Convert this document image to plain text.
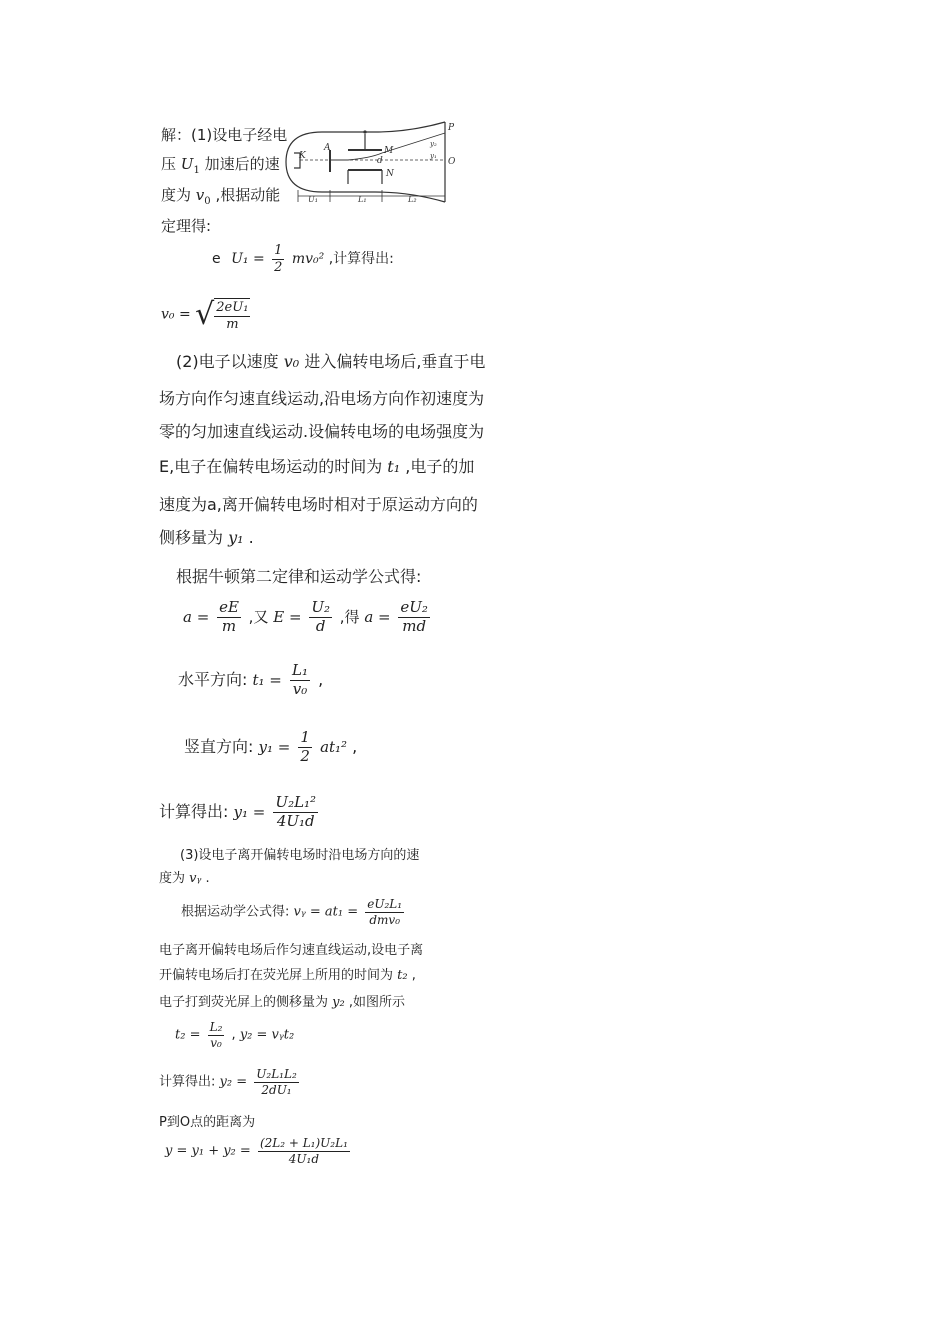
解：(1)设电子经电
压 $U_1$ 加速后的速
度为 $v_0$ ,根据动能
定理得:
K
A	M
d
N
P
O
y₂
y₁
U₁	L₁	L₂
e $U_1 = \frac{1}{2} mv_0^2$ ,计算得出:
v₀ = √ $\frac{\text{2eU₁}}{m}$
(2)电子以速度 v₀ 进入偏转电场后,垂直于电
场方向作匀速直线运动,沿电场方向作初速度为
零的匀加速直线运动.设偏转电场的电场强度为
E,电子在偏转电场运动的时间为 t₁ ,电子的加
速度为a,离开偏转电场时相对于原运动方向的
侧移量为 y₁ .
根据牛顿第二定律和运动学公式得:
$a = \frac{eE}{m}$ ,又 $E = \frac{\text{U₂}}{d}$ ,得 $a = \frac{\text{eU₂}}{md}$
水平方向: $t_1 = \frac{\text{L₁}}{\text{v₀}}$ ,
竖直方向: $y_1 = \frac{1}{2} at_1^2$ ,
计算得出: $y_1 = \frac{\text{U₂L₁²}}{\text{4U₁d}}$
(3)设电子离开偏转电场时沿电场方向的速
度为 vᵧ .
根据运动学公式得: vᵧ = $at_1 = \frac{\text{eU₂L₁}}{\text{dmv₀}}$
电子离开偏转电场后作匀速直线运动,设电子离
开偏转电场后打在荧光屏上所用的时间为 t₂ ,
电子打到荧光屏上的侧移量为 y₂ ,如图所示
$t_2 = \frac{\text{L₂}}{\text{v₀}}$ , y₂ = vᵧt₂
计算得出: $y_2 = \frac{\text{U₂L₁L₂}}{\text{2dU₁}}$
P到O点的距离为
$y = y_1 + y_2 = \frac{\text{(2L₂ + L₁)U₂L₁}}{\text{4U₁d}}$
